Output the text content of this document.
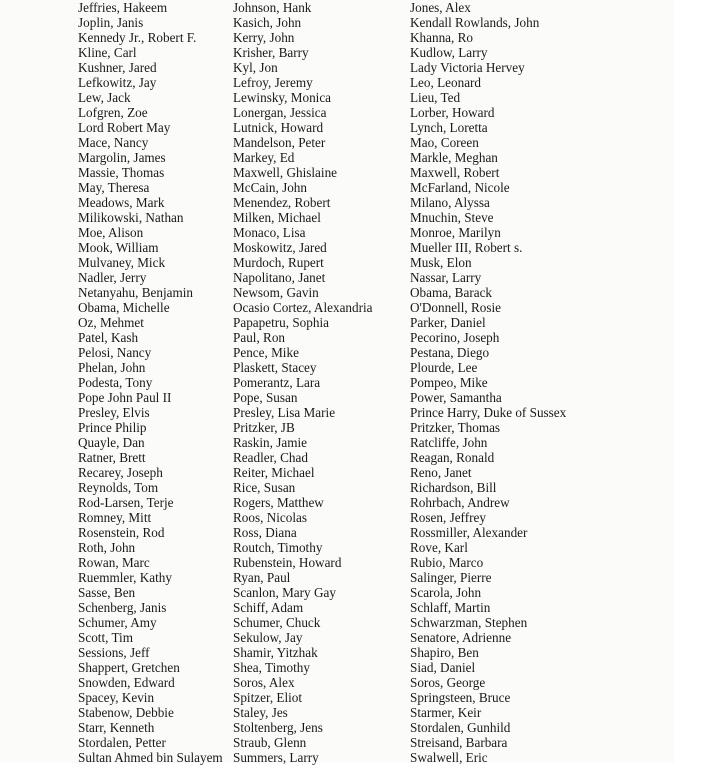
Jeffries, Hakeem
Joplin, Janis
Kennedy Jr., Robert F.
Kline, Carl
Kushner, Jared
Lefkowitz, Jay
Lew, Jack
Lofgren, Zoe
Lord Robert May
Mace, Nancy
Margolin, James
Massie, Thomas
May, Theresa
Meadows, Mark
Milikowski, Nathan
Moe, Alison
Mook, William
Mulvaney, Mick
Nadler, Jerry
Netanyahu, Benjamin
Obama, Michelle
Oz, Mehmet
Patel, Kash
Pelosi, Nancy
Phelan, John
Podesta, Tony
Pope John Paul II
Presley, Elvis
Prince Philip
Quayle, Dan
Ratner, Brett
Recarey, Joseph
Reynolds, Tom
Rod-Larsen, Terje
Romney, Mitt
Rosenstein, Rod
Roth, John
Rowan, Marc
Ruemmler, Kathy
Sasse, Ben
Schenberg, Janis
Schumer, Amy
Scott, Tim
Sessions, Jeff
Shappert, Gretchen
Snowden, Edward
Spacey, Kevin
Stabenow, Debbie
Starr, Kenneth
Stordalen, Petter
Sultan Ahmed bin Sulayem
Johnson, Hank
Kasich, John
Kerry, John
Krisher, Barry
Kyl, Jon
Lefroy, Jeremy
Lewinsky, Monica
Lonergan, Jessica
Lutnick, Howard
Mandelson, Peter
Markey, Ed
Maxwell, Ghislaine
McCain, John
Menendez, Robert
Milken, Michael
Monaco, Lisa
Moskowitz, Jared
Murdoch, Rupert
Napolitano, Janet
Newsom, Gavin
Ocasio Cortez, Alexandria
Papapetru, Sophia
Paul, Ron
Pence, Mike
Plaskett, Stacey
Pomerantz, Lara
Pope, Susan
Presley, Lisa Marie
Pritzker, JB
Raskin, Jamie
Readler, Chad
Reiter, Michael
Rice, Susan
Rogers, Matthew
Roos, Nicolas
Ross, Diana
Routch, Timothy
Rubenstein, Howard
Ryan, Paul
Scanlon, Mary Gay
Schiff, Adam
Schumer, Chuck
Sekulow, Jay
Shamir, Yitzhak
Shea, Timothy
Soros, Alex
Spitzer, Eliot
Staley, Jes
Stoltenberg, Jens
Straub, Glenn
Summers, Larry
Jones, Alex
Kendall Rowlands, John
Khanna, Ro
Kudlow, Larry
Lady Victoria Hervey
Leo, Leonard
Lieu, Ted
Lorber, Howard
Lynch, Loretta
Mao, Coreen
Markle, Meghan
Maxwell, Robert
McFarland, Nicole
Milano, Alyssa
Mnuchin, Steve
Monroe, Marilyn
Mueller III, Robert s.
Musk, Elon
Nassar, Larry
Obama, Barack
O'Donnell, Rosie
Parker, Daniel
Pecorino, Joseph
Pestana, Diego
Plourde, Lee
Pompeo, Mike
Power, Samantha
Prince Harry, Duke of Sussex
Pritzker, Thomas
Ratcliffe, John
Reagan, Ronald
Reno, Janet
Richardson, Bill
Rohrbach, Andrew
Rosen, Jeffrey
Rossmiller, Alexander
Rove, Karl
Rubio, Marco
Salinger, Pierre
Scarola, John
Schlaff, Martin
Schwarzman, Stephen
Senatore, Adrienne
Shapiro, Ben
Siad, Daniel
Soros, George
Springsteen, Bruce
Starmer, Keir
Stordalen, Gunhild
Streisand, Barbara
Swalwell, Eric
